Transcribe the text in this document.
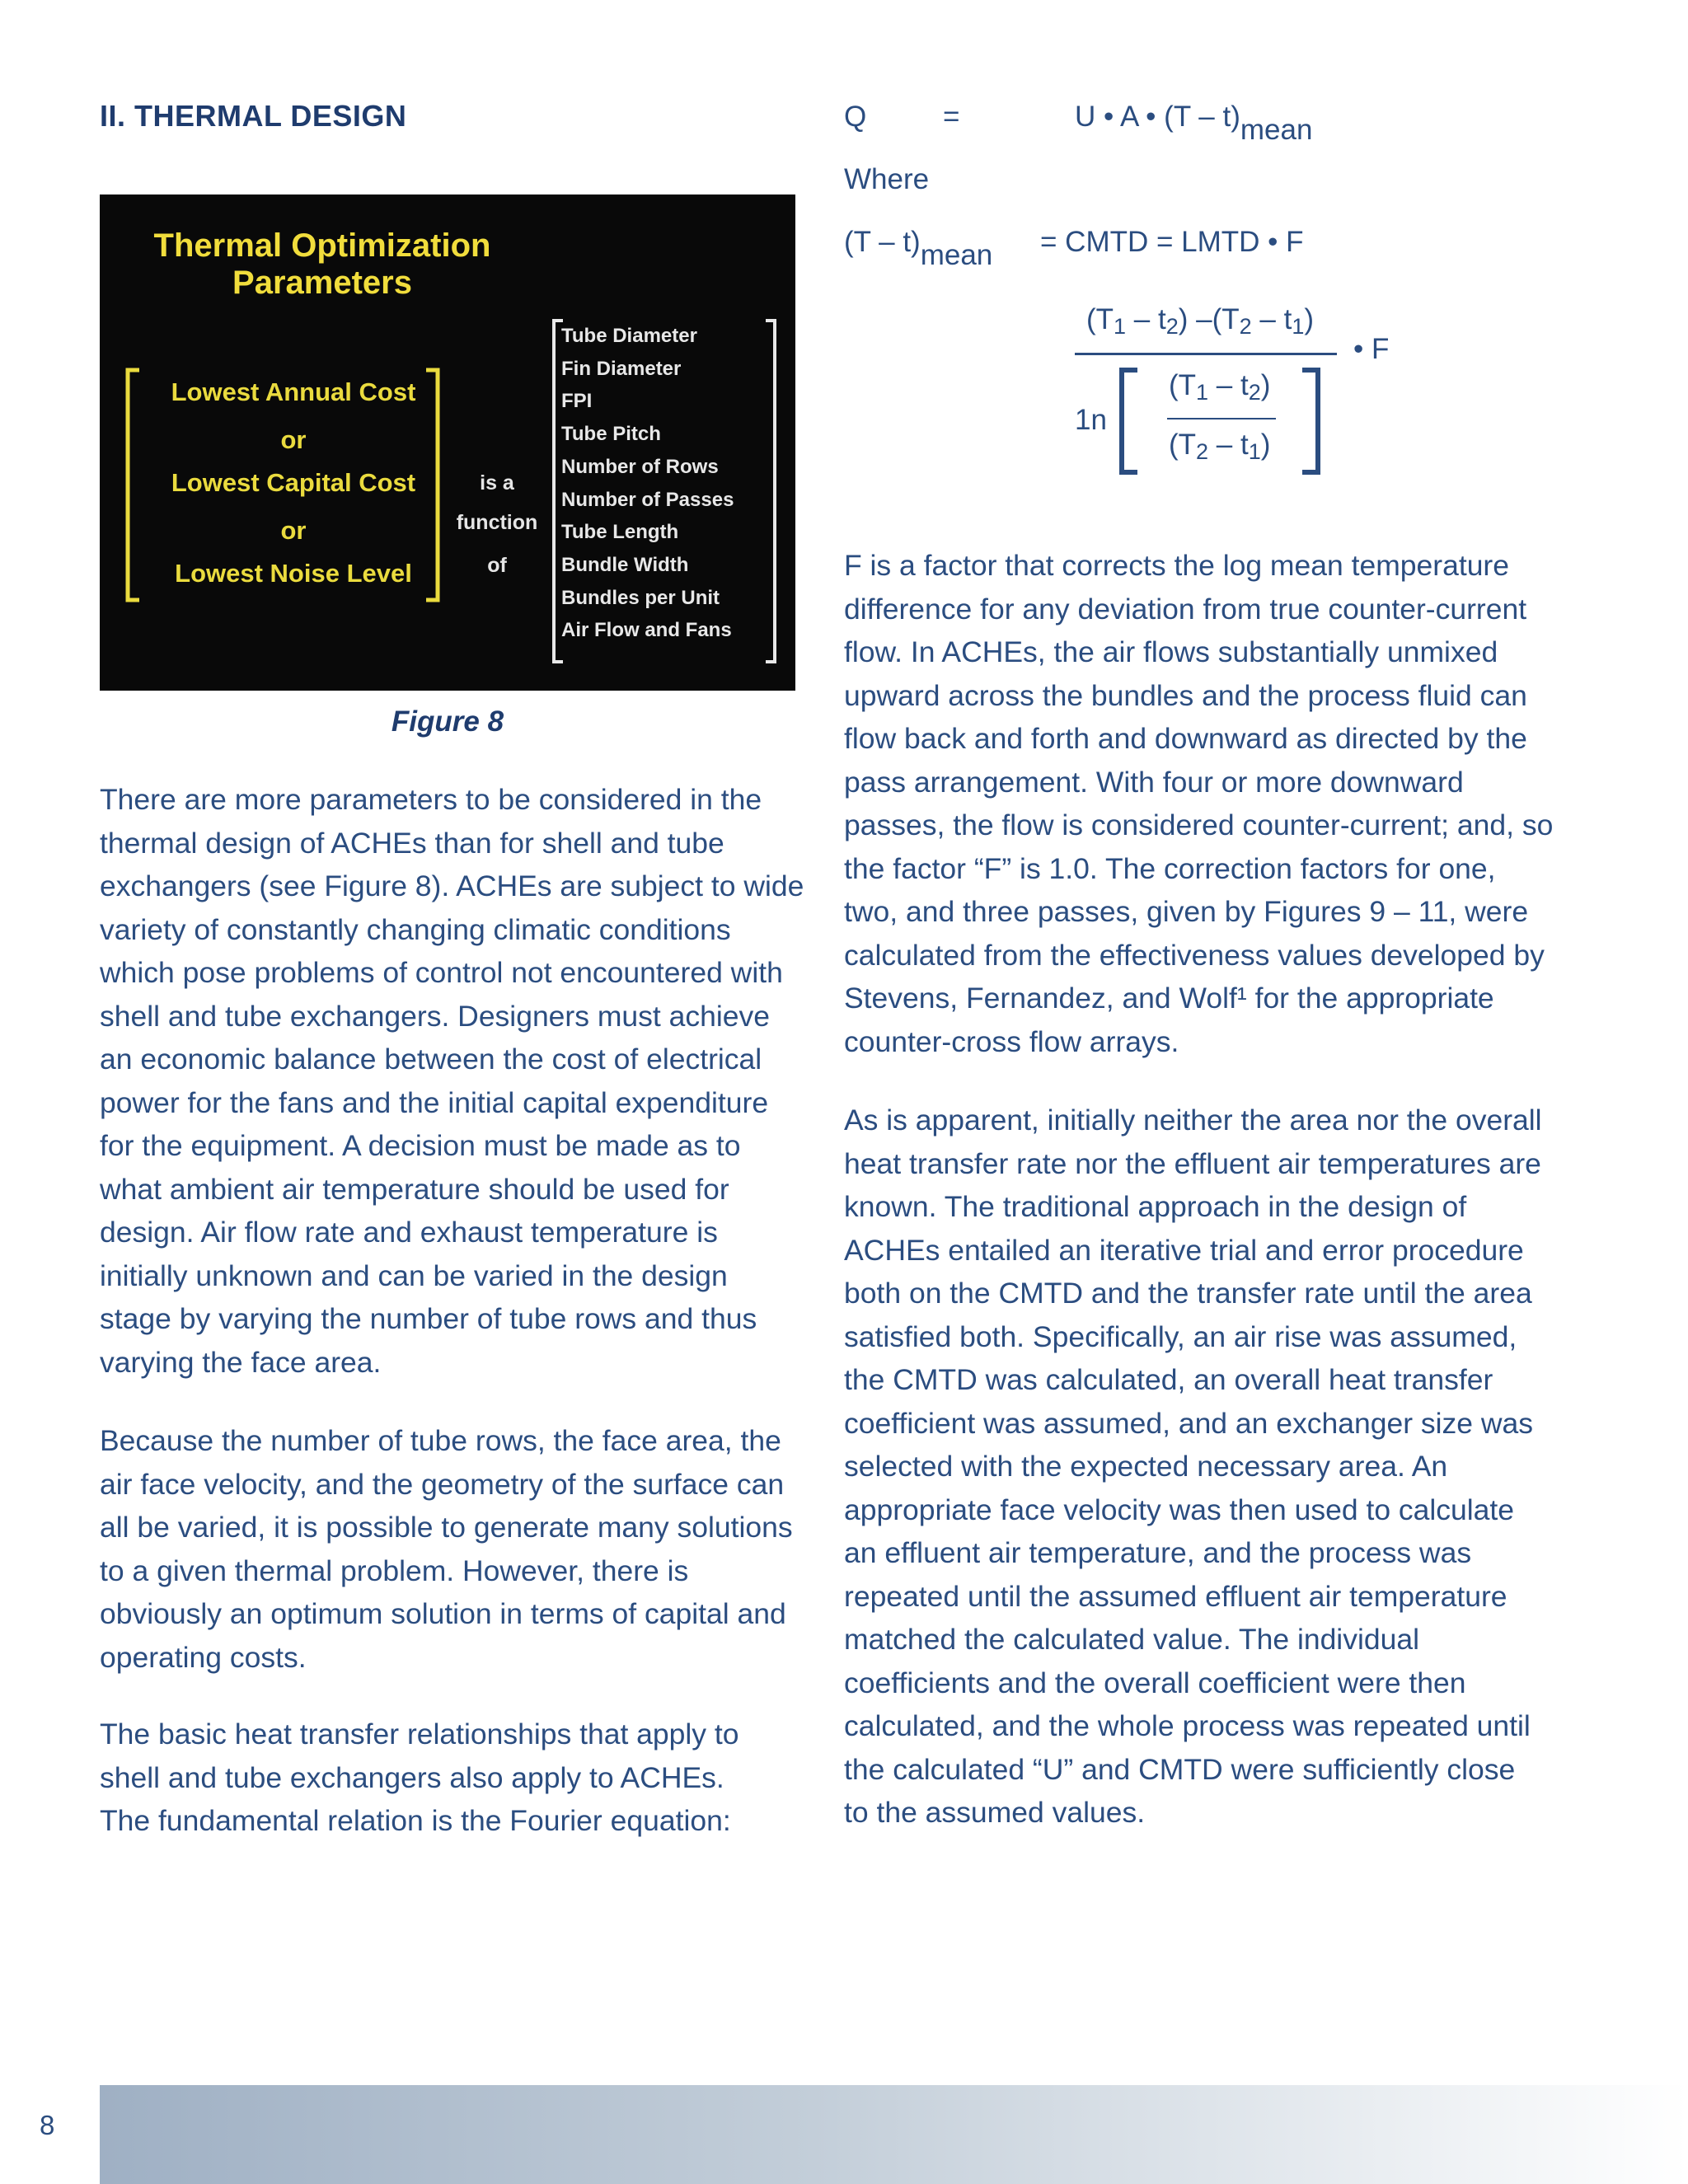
II. THERMAL DESIGN
Thermal Optimization Parameters
Lowest Annual Cost
or
Lowest Capital Cost
or
Lowest Noise Level
is a
function
of
Tube Diameter
Fin Diameter
FPI
Tube Pitch
Number of Rows
Number of Passes
Tube Length
Bundle Width
Bundles per Unit
Air Flow and Fans
Figure 8
There are more parameters to be considered in the
thermal design of ACHEs than for shell and tube
exchangers (see Figure 8). ACHEs are subject to wide
variety of constantly changing climatic conditions
which pose problems of control not encountered with
shell and tube exchangers. Designers must achieve
an economic balance between the cost of electrical
power for the fans and the initial capital expenditure
for the equipment. A decision must be made as to
what ambient air temperature should be used for
design. Air flow rate and exhaust temperature is
initially unknown and can be varied in the design
stage by varying the number of tube rows and thus
varying the face area.
Because the number of tube rows, the face area, the
air face velocity, and the geometry of the surface can
all be varied, it is possible to generate many solutions
to a given thermal problem. However, there is
obviously an optimum solution in terms of capital and
operating costs.
The basic heat transfer relationships that apply to
shell and tube exchangers also apply to ACHEs.
The fundamental relation is the Fourier equation:
Q	=	U • A • (T – t)mean
Where
(T – t)mean = CMTD = LMTD • F
$(T_1 - t_2)$ $-(T_2 - t_1)$
• F
1n
$(T_1 - t_2)$
$(T_2 - t_1)$
F is a factor that corrects the log mean temperature
difference for any deviation from true counter-current
flow. In ACHEs, the air flows substantially unmixed
upward across the bundles and the process fluid can
flow back and forth and downward as directed by the
pass arrangement. With four or more downward
passes, the flow is considered counter-current; and, so
the factor “F” is 1.0. The correction factors for one,
two, and three passes, given by Figures 9 – 11, were
calculated from the effectiveness values developed by
Stevens, Fernandez, and Wolf¹ for the appropriate
counter-cross flow arrays.
As is apparent, initially neither the area nor the overall
heat transfer rate nor the effluent air temperatures are
known. The traditional approach in the design of
ACHEs entailed an iterative trial and error procedure
both on the CMTD and the transfer rate until the area
satisfied both. Specifically, an air rise was assumed,
the CMTD was calculated, an overall heat transfer
coefficient was assumed, and an exchanger size was
selected with the expected necessary area. An
appropriate face velocity was then used to calculate
an effluent air temperature, and the process was
repeated until the assumed effluent air temperature
matched the calculated value. The individual
coefficients and the overall coefficient were then
calculated, and the whole process was repeated until
the calculated “U” and CMTD were sufficiently close
to the assumed values.
8
